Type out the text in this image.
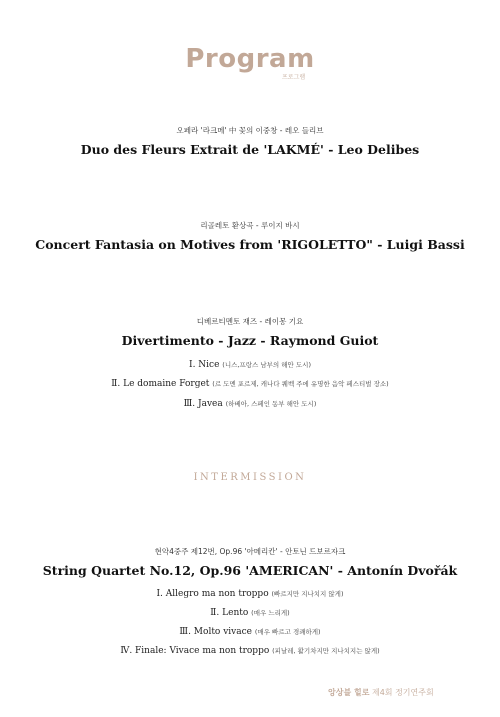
Program
프로그램
오페라 '라크메' 中 꽃의 이중창 - 레오 들리브
Duo des Fleurs Extrait de 'LAKMÉ' - Leo Delibes
리골레토 환상곡 - 루이지 바시
Concert Fantasia on Motives from 'RIGOLETTO" - Luigi Bassi
디베르티멘토 재즈 - 레이몽 기요
Divertimento - Jazz - Raymond Guiot
Ⅰ. Nice (니스,프랑스 남부의 해안 도시)
Ⅱ. Le domaine Forget (르 도멘 포르제, 캐나다 퀘벡 주에 유명한 음악 페스티벌 장소)
Ⅲ. Javea (하베아, 스페인 동부 해안 도시)
INTERMISSION
현악4중주 제12번, Op.96 '아메리칸' - 안토닌 드보르자크
String Quartet No.12, Op.96 'AMERICAN' - Antonín Dvořák
Ⅰ. Allegro ma non troppo (빠르지만 지나치지 않게)
Ⅱ. Lento (매우 느리게)
Ⅲ. Molto vivace (매우 빠르고 경쾌하게)
Ⅳ. Finale: Vivace ma non troppo (피날레, 활기차지만 지나치지는 않게)
앙상블 힐로 제4회 정기연주회
